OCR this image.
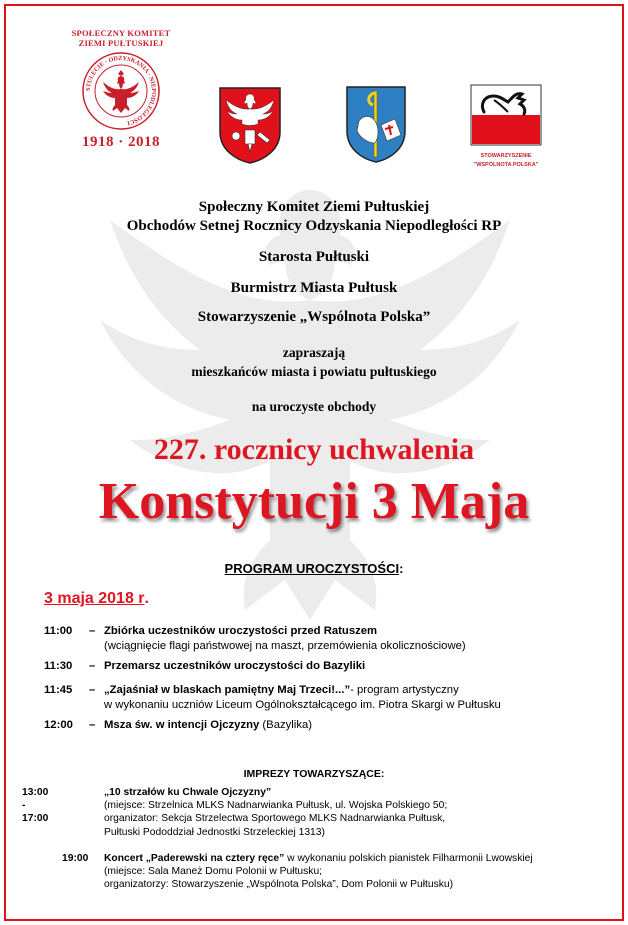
SPOŁECZNY KOMITET
ZIEMI PUŁTUSKIEJ
STULECIE · ODZYSKANIA · NIEPODLEGŁOŚCI
1918 · 2018
STOWARZYSZENIE
"WSPÓLNOTA POLSKA"
Społeczny Komitet Ziemi Pułtuskiej
Obchodów Setnej Rocznicy Odzyskania Niepodległości RP
Starosta Pułtuski
Burmistrz Miasta Pułtusk
Stowarzyszenie „Wspólnota Polska”
zapraszają
mieszkańców miasta i powiatu pułtuskiego
na uroczyste obchody
227. rocznicy uchwalenia
Konstytucji 3 Maja
PROGRAM UROCZYSTOŚCI:
3 maja 2018 r.
11:00	– Zbiórka uczestników uroczystości przed Ratuszem
(wciągnięcie flagi państwowej na maszt, przemówienia okolicznościowe)
11:30	– Przemarsz uczestników uroczystości do Bazyliki
11:45	– „Zajaśniał w blaskach pamiętny Maj Trzeci!...”- program artystyczny
w wykonaniu uczniów Liceum Ogólnokształcącego im. Piotra Skargi w Pułtusku
12:00	– Msza św. w intencji Ojczyzny (Bazylika)
IMPREZY TOWARZYSZĄCE:
13:00 - 17:00
„10 strzałów ku Chwale Ojczyzny”
(miejsce: Strzelnica MLKS Nadnarwianka Pułtusk, ul. Wojska Polskiego 50;
organizator: Sekcja Strzelectwa Sportowego MLKS Nadnarwianka Pułtusk,
Pułtuski Pododdział Jednostki Strzeleckiej 1313)
19:00 Koncert „Paderewski na cztery ręce” w wykonaniu polskich pianistek Filharmonii Lwowskiej
(miejsce: Sala Maneż Domu Polonii w Pułtusku;
organizatorzy: Stowarzyszenie „Wspólnota Polska”, Dom Polonii w Pułtusku)
